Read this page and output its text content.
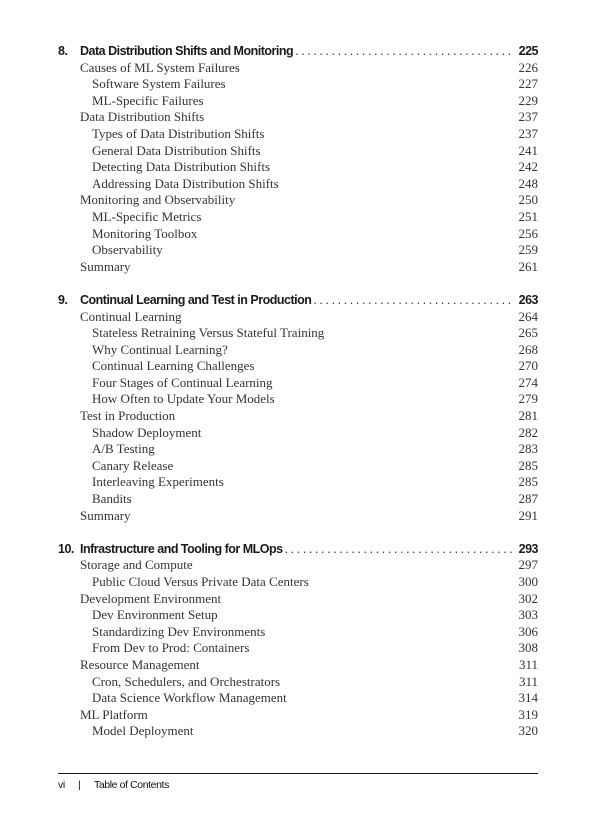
8.	Data Distribution Shifts and Monitoring .....	225
Causes of ML System Failures	226
Software System Failures	227
ML-Specific Failures	229
Data Distribution Shifts	237
Types of Data Distribution Shifts	237
General Data Distribution Shifts	241
Detecting Data Distribution Shifts	242
Addressing Data Distribution Shifts	248
Monitoring and Observability	250
ML-Specific Metrics	251
Monitoring Toolbox	256
Observability	259
Summary	261
9.	Continual Learning and Test in Production .....	263
Continual Learning	264
Stateless Retraining Versus Stateful Training	265
Why Continual Learning?	268
Continual Learning Challenges	270
Four Stages of Continual Learning	274
How Often to Update Your Models	279
Test in Production	281
Shadow Deployment	282
A/B Testing	283
Canary Release	285
Interleaving Experiments	285
Bandits	287
Summary	291
10. Infrastructure and Tooling for MLOps .....	293
Storage and Compute	297
Public Cloud Versus Private Data Centers	300
Development Environment	302
Dev Environment Setup	303
Standardizing Dev Environments	306
From Dev to Prod: Containers	308
Resource Management	311
Cron, Schedulers, and Orchestrators	311
Data Science Workflow Management	314
ML Platform	319
Model Deployment	320
vi	|	Table of Contents
